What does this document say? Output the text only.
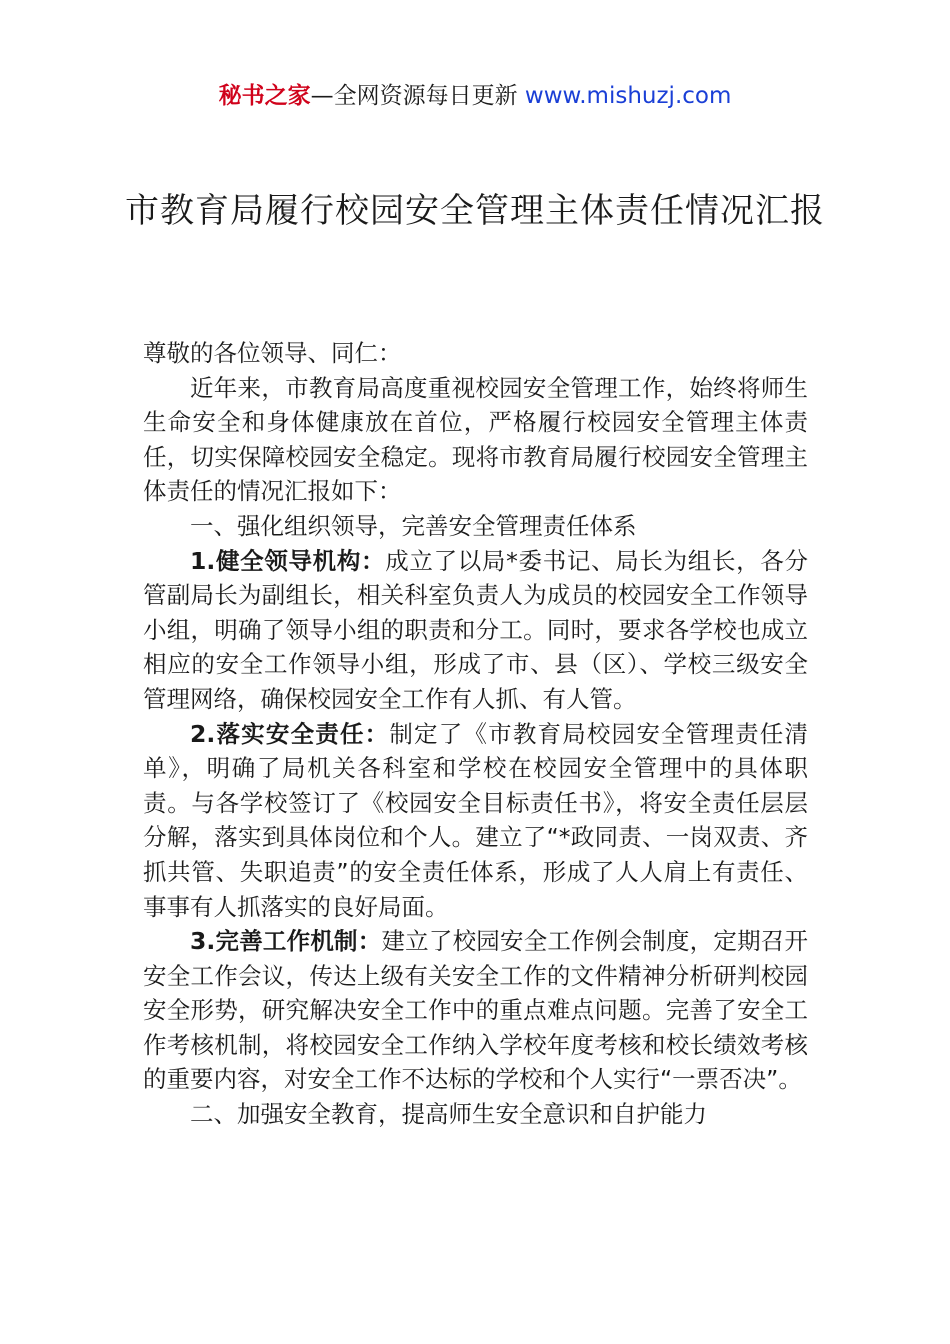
秘书之家—全网资源每日更新 www.mishuzj.com
市教育局履行校园安全管理主体责任情况汇报

尊敬的各位领导、同仁：

近年来，市教育局高度重视校园安全管理工作，始终将师生生命安全和身体健康放在首位，严格履行校园安全管理主体责任，切实保障校园安全稳定。现将市教育局履行校园安全管理主体责任的情况汇报如下：

一、强化组织领导，完善安全管理责任体系

1.健全领导机构：成立了以局*委书记、局长为组长，各分管副局长为副组长，相关科室负责人为成员的校园安全工作领导小组，明确了领导小组的职责和分工。同时，要求各学校也成立相应的安全工作领导小组，形成了市、县（区）、学校三级安全管理网络，确保校园安全工作有人抓、有人管。

2.落实安全责任：制定了《市教育局校园安全管理责任清单》，明确了局机关各科室和学校在校园安全管理中的具体职责。与各学校签订了《校园安全目标责任书》，将安全责任层层分解，落实到具体岗位和个人。建立了“*政同责、一岗双责、齐抓共管、失职追责”的安全责任体系，形成了人人肩上有责任、事事有人抓落实的良好局面。

3.完善工作机制：建立了校园安全工作例会制度，定期召开安全工作会议，传达上级有关安全工作的文件精神分析研判校园安全形势，研究解决安全工作中的重点难点问题。完善了安全工作考核机制，将校园安全工作纳入学校年度考核和校长绩效考核的重要内容，对安全工作不达标的学校和个人实行“一票否决”。

二、加强安全教育，提高师生安全意识和自护能力
